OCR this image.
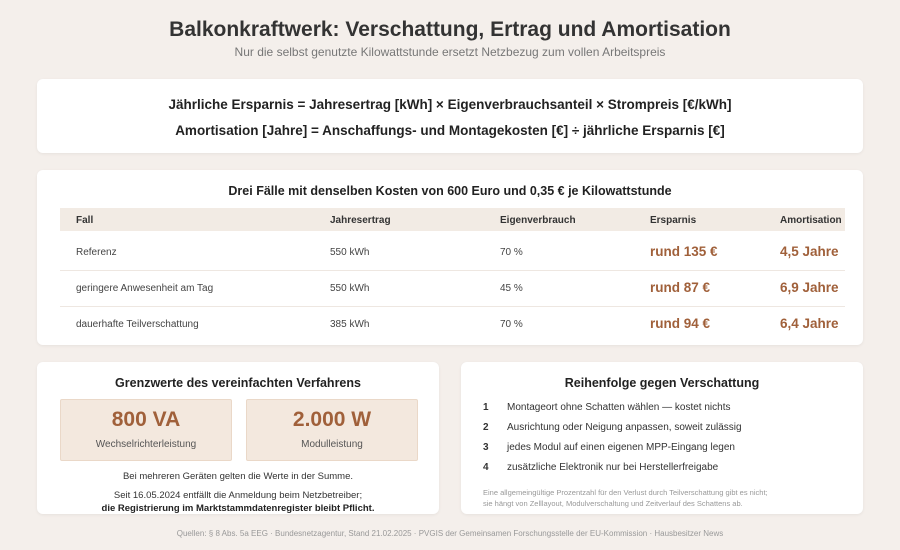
Balkonkraftwerk: Verschattung, Ertrag und Amortisation
Nur die selbst genutzte Kilowattstunde ersetzt Netzbezug zum vollen Arbeitspreis
Jährliche Ersparnis = Jahresertrag [kWh] × Eigenverbrauchsanteil × Strompreis [€/kWh]
Amortisation [Jahre] = Anschaffungs- und Montagekosten [€] ÷ jährliche Ersparnis [€]
Drei Fälle mit denselben Kosten von 600 Euro und 0,35 € je Kilowattstunde
Fall	Jahresertrag	Eigenverbrauch	Ersparnis	Amortisation
Referenz	550 kWh	70 %	rund 135 €	4,5 Jahre
geringere Anwesenheit am Tag	550 kWh	45 %	rund 87 €	6,9 Jahre
dauerhafte Teilverschattung	385 kWh	70 %	rund 94 €	6,4 Jahre
Grenzwerte des vereinfachten Verfahrens
800 VA
Wechselrichterleistung
2.000 W
Modulleistung
Bei mehreren Geräten gelten die Werte in der Summe.
Seit 16.05.2024 entfällt die Anmeldung beim Netzbetreiber;
die Registrierung im Marktstammdatenregister bleibt Pflicht.
Reihenfolge gegen Verschattung
1	Montageort ohne Schatten wählen — kostet nichts
2	Ausrichtung oder Neigung anpassen, soweit zulässig
3	jedes Modul auf einen eigenen MPP-Eingang legen
4	zusätzliche Elektronik nur bei Herstellerfreigabe
Eine allgemeingültige Prozentzahl für den Verlust durch Teilverschattung gibt es nicht;
sie hängt von Zelllayout, Modulverschaltung und Zeitverlauf des Schattens ab.
Quellen: § 8 Abs. 5a EEG · Bundesnetzagentur, Stand 21.02.2025 · PVGIS der Gemeinsamen Forschungsstelle der EU-Kommission · Hausbesitzer News
